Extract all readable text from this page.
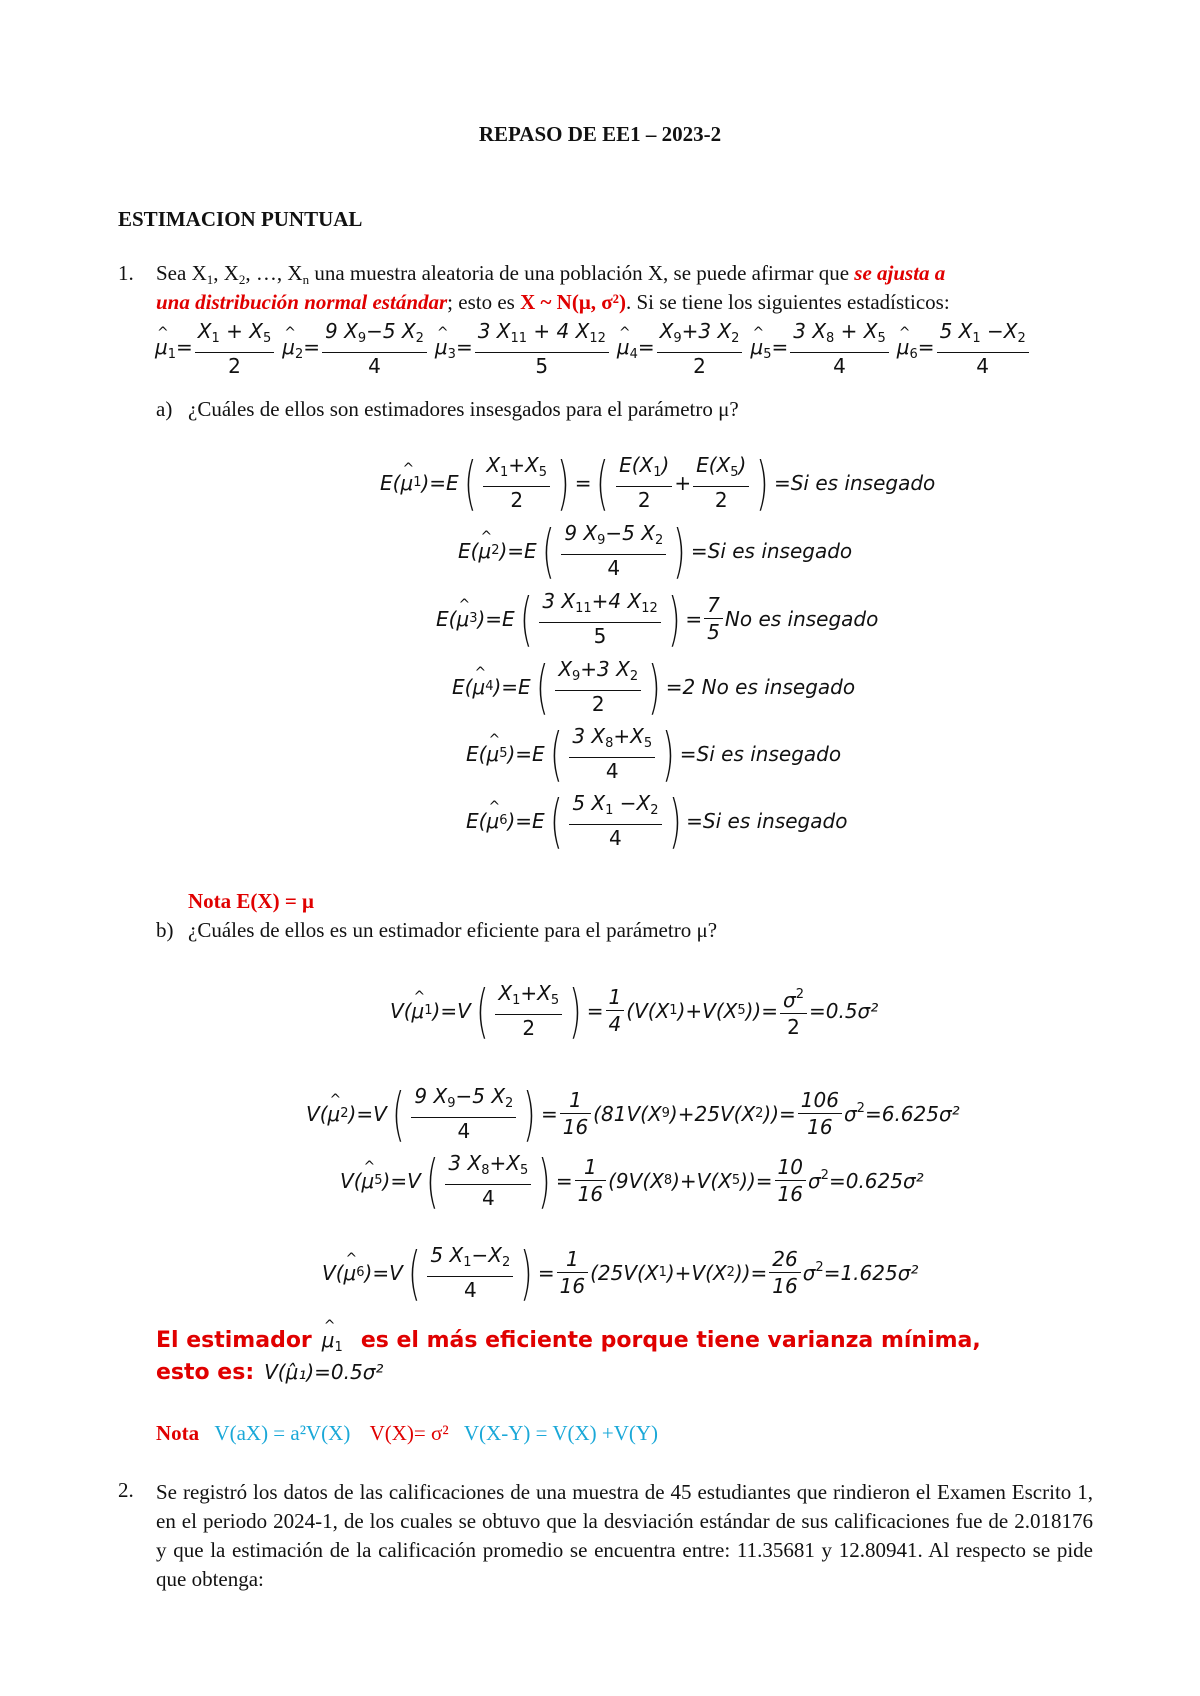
REPASO DE EE1 – 2023-2
ESTIMACION PUNTUAL
1. Sea $X_1$, $X_2$, …, $X_n$ una muestra aleatoria de una población X, se puede afirmar que se ajusta a
una distribución normal estándar; esto es X ~ N(μ, σ²). Si se tiene los siguientes estadísticos:
^ $\mu_1= \frac{X_1 + X_5}{2}$ ^ $\mu_2= \frac{9 X_9-5 X_2}{4}$ ^ $\mu_3= \frac{3 X_{11} + 4 X_{12}}{5}$ ^ $\mu_4= \frac{X_9+3 X_2}{2}$ ^ $\mu_5= \frac{3 X_8 + X_5}{4}$ ^ $\mu_6= \frac{5 X_1 -X_2}{4}$
a) ¿Cuáles de ellos son estimadores insesgados para el parámetro μ?
E ( ^ μ 1 )= E ( $\frac{X_1+X_5}{2}$ ) = ( $\frac{E(X_1)}{2} + \frac{E(X_5)}{2}$ ) = Si es insegado
E ( ^ μ 2 )= E ( $\frac{9 X_9-5 X_2}{4}$ ) = Si es insegado
E ( ^ μ 3 )= E ( $\frac{3 X_{11}+4 X_{12}}{5}$ ) = $\frac{7}{5}$ No es insegado
E ( ^ μ 4 )= E ( $\frac{X_9+3 X_2}{2}$ ) = 2 No es insegado
E ( ^ μ 5 )= E ( $\frac{3 X_8+X_5}{4}$ ) = Si es insegado
E ( ^ μ 6 )= E ( $\frac{5 X_1 -X_2}{4}$ ) = Si es insegado
Nota E(X) = μ
b) ¿Cuáles de ellos es un estimador eficiente para el parámetro μ?
V ( ^ μ 1 )= V ( $\frac{X_1+X_5}{2}$ ) = $\frac{1}{4}$ ( V ( X 1 )+ V ( X 5 ))= $\frac{\sigma^2}{2} = 0.5\sigma^2$
V ( ^ μ 2 )= V ( $\frac{9 X_9-5 X_2}{4}$ ) = $\frac{1}{16} (81$ V ( X 9 )+25 V ( X 2 ))= $\frac{106}{16} \sigma^2 = 6.625\sigma^2$
V ( ^ μ 5 )= V ( $\frac{3 X_8+X_5}{4}$ ) = $\frac{1}{16} (9$ V ( X 8 )+ V ( X 5 ))= $\frac{10}{16} \sigma^2 = 0.625\sigma^2$
V ( ^ μ 6 )= V ( $\frac{5 X_1-X_2}{4}$ ) = $\frac{1}{16} (25$ V ( X 1 )+ V ( X 2 ))= $\frac{26}{16} \sigma^2 = 1.625\sigma^2$
El estimador ^ $\mu_1$ es el más eficiente porque tiene varianza mínima,
esto es: V(μ̂₁)=0.5σ²
Nota V(aX) = a²V(X) V(X)= σ² V(X-Y) = V(X) +V(Y)
2. Se registró los datos de las calificaciones de una muestra de 45 estudiantes que rindieron el Examen Escrito 1, en el periodo 2024-1, de los cuales se obtuvo que la desviación estándar de sus calificaciones fue de 2.018176 y que la estimación de la calificación promedio se encuentra entre: 11.35681 y 12.80941. Al respecto se pide que obtenga:
